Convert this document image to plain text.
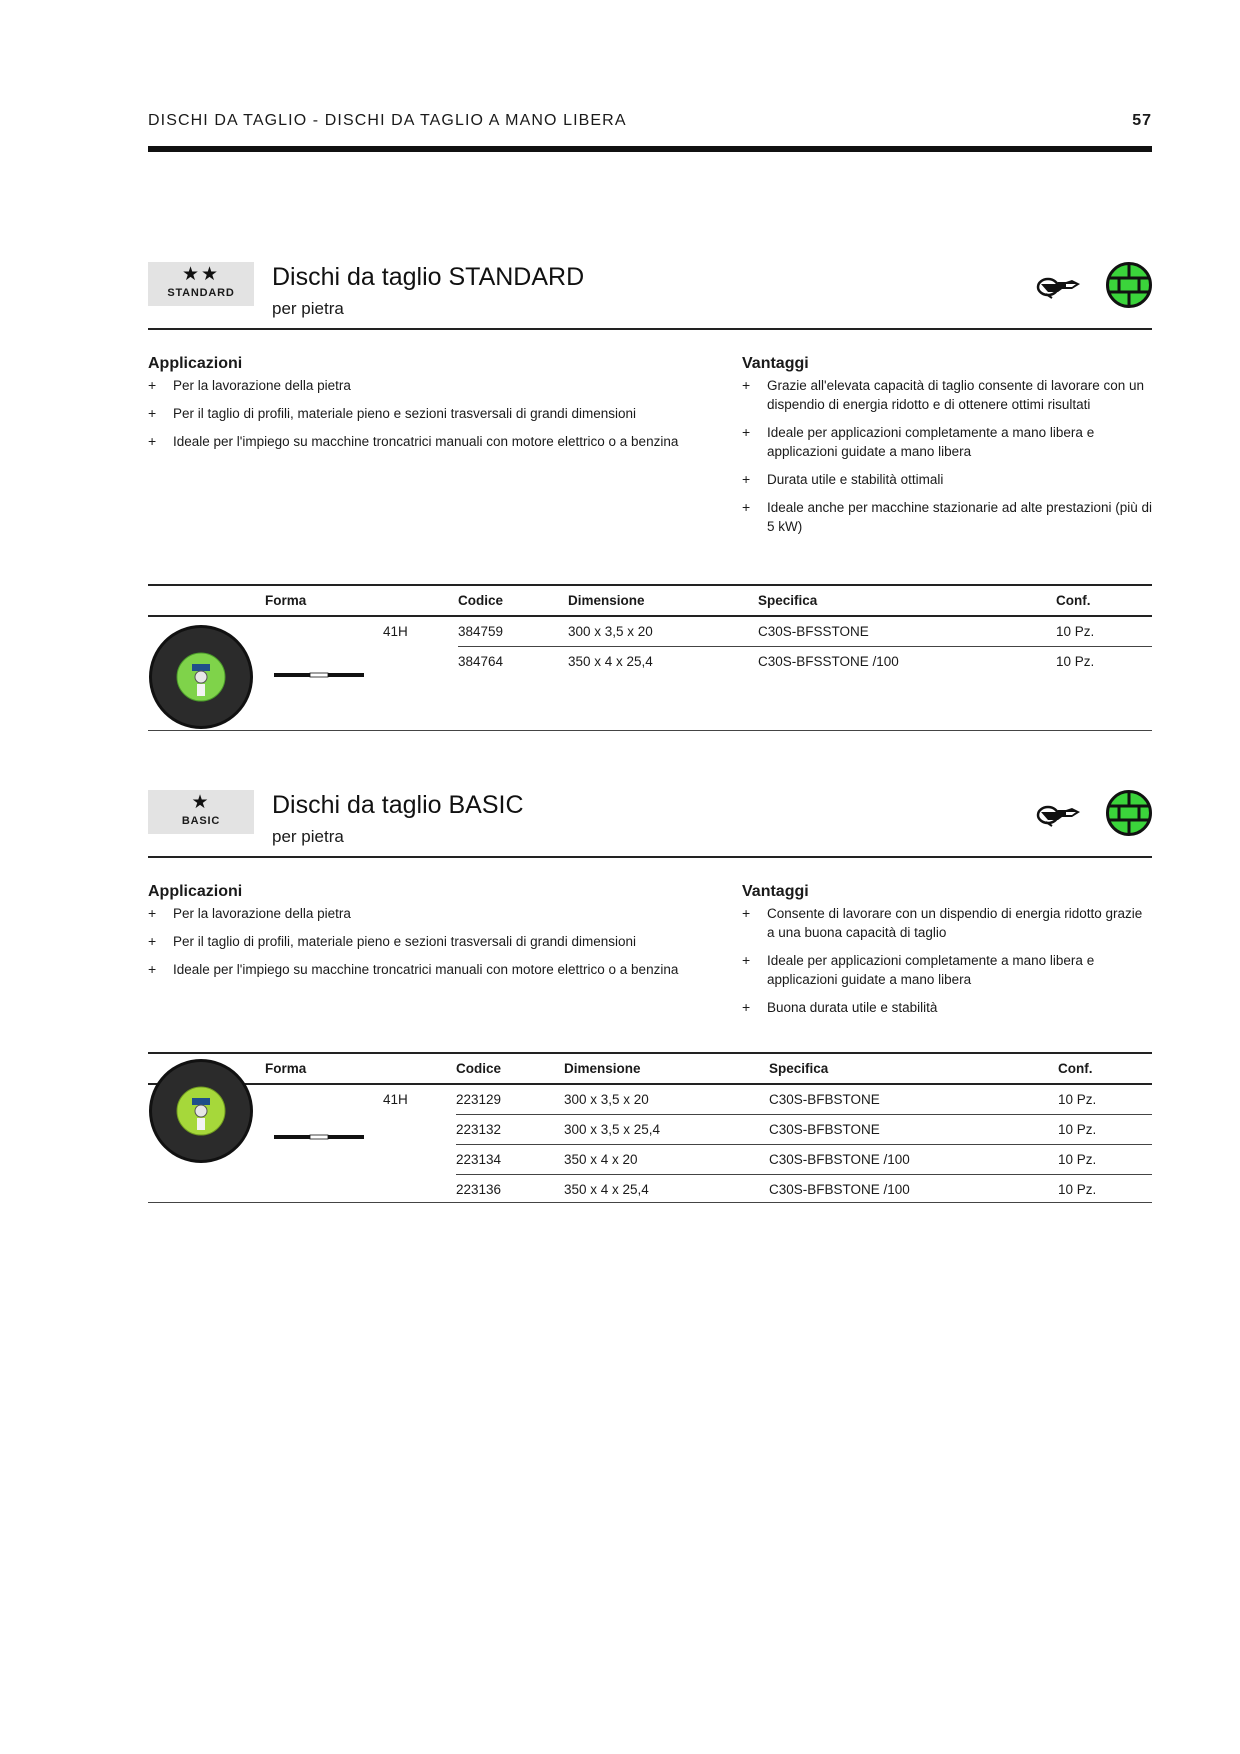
DISCHI DA TAGLIO - DISCHI DA TAGLIO A MANO LIBERA	57
★★
STANDARD
Dischi da taglio STANDARD
per pietra
Applicazioni
+ Per la lavorazione della pietra
+ Per il taglio di profili, materiale pieno e sezioni trasversali di grandi dimensioni
+ Ideale per l'impiego su macchine troncatrici manuali con motore elettrico o a benzina
Vantaggi
+ Grazie all'elevata capacità di taglio consente di lavorare con un dispendio di energia ridotto e di ottenere ottimi risultati
+ Ideale per applicazioni completamente a mano libera e applicazioni guidate a mano libera
+ Durata utile e stabilità ottimali
+ Ideale anche per macchine stazionarie ad alte prestazioni (più di 5 kW)
	Forma	Codice	Dimensione	Specifica	Conf.
	41H	384759	300 x 3,5 x 20	C30S-BFSSTONE	10 Pz.
		384764	350 x 4 x 25,4	C30S-BFSSTONE /100	10 Pz.
★
BASIC
Dischi da taglio BASIC
per pietra
Applicazioni
+ Per la lavorazione della pietra
+ Per il taglio di profili, materiale pieno e sezioni trasversali di grandi dimensioni
+ Ideale per l'impiego su macchine troncatrici manuali con motore elettrico o a benzina
Vantaggi
+ Consente di lavorare con un dispendio di energia ridotto grazie a una buona capacità di taglio
+ Ideale per applicazioni completamente a mano libera e applicazioni guidate a mano libera
+ Buona durata utile e stabilità
	Forma	Codice	Dimensione	Specifica	Conf.
	41H	223129	300 x 3,5 x 20	C30S-BFBSTONE	10 Pz.
		223132	300 x 3,5 x 25,4	C30S-BFBSTONE	10 Pz.
		223134	350 x 4 x 20	C30S-BFBSTONE /100	10 Pz.
		223136	350 x 4 x 25,4	C30S-BFBSTONE /100	10 Pz.
